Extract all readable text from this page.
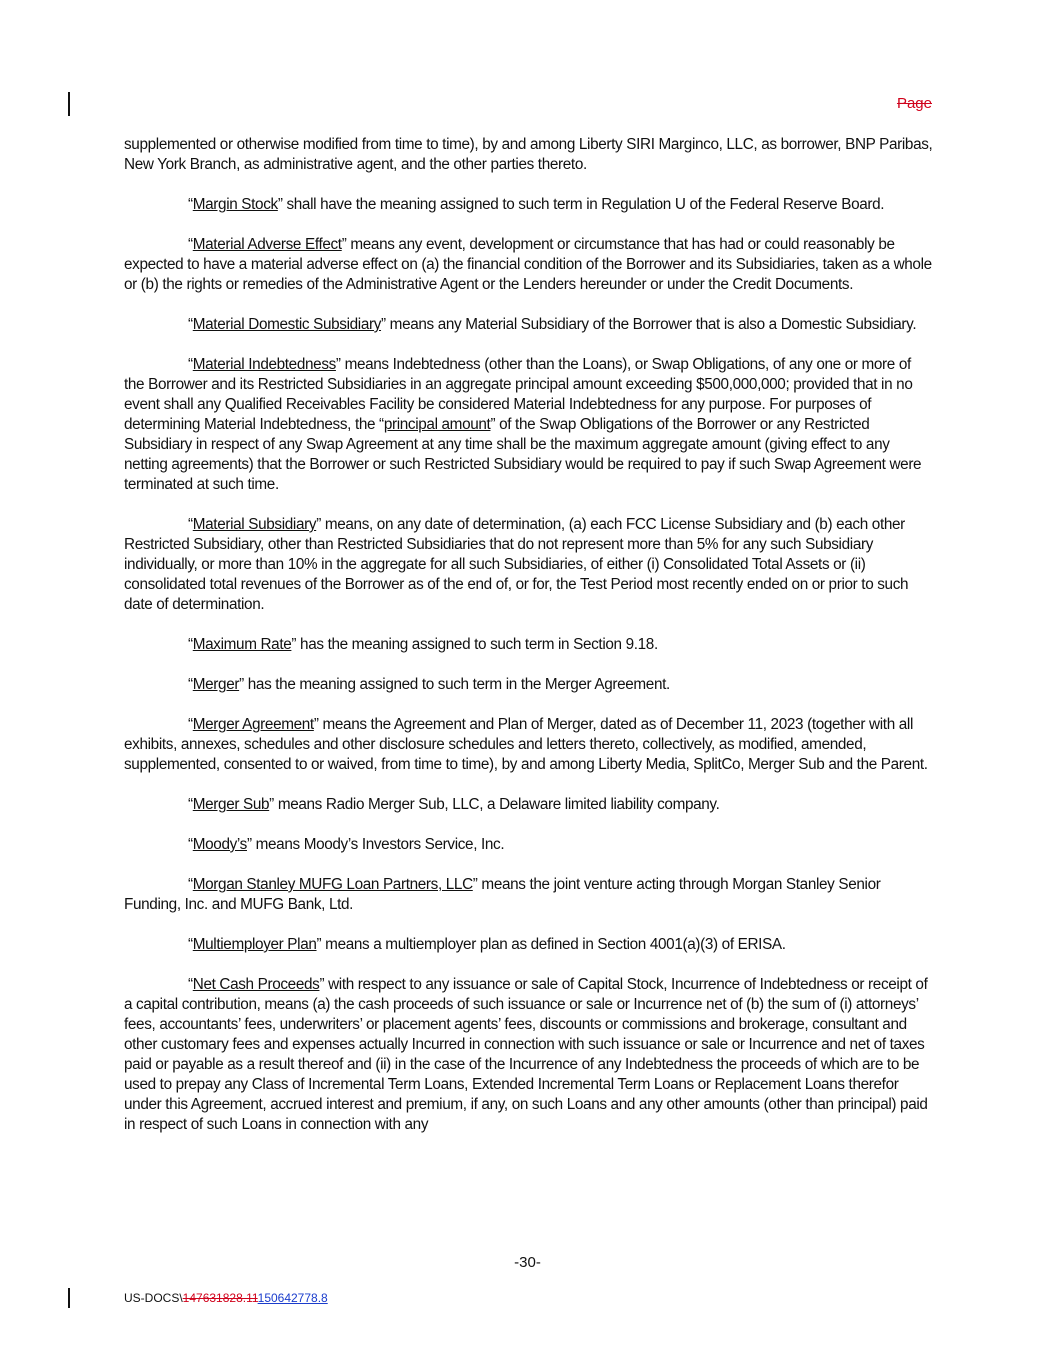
Page

supplemented or otherwise modified from time to time), by and among Liberty SIRI Marginco, LLC, as borrower, BNP Paribas, New York Branch, as administrative agent, and the other parties thereto.

“Margin Stock” shall have the meaning assigned to such term in Regulation U of the Federal Reserve Board.

“Material Adverse Effect” means any event, development or circumstance that has had or could reasonably be expected to have a material adverse effect on (a) the financial condition of the Borrower and its Subsidiaries, taken as a whole or (b) the rights or remedies of the Administrative Agent or the Lenders hereunder or under the Credit Documents.

“Material Domestic Subsidiary” means any Material Subsidiary of the Borrower that is also a Domestic Subsidiary.

“Material Indebtedness” means Indebtedness (other than the Loans), or Swap Obligations, of any one or more of the Borrower and its Restricted Subsidiaries in an aggregate principal amount exceeding $500,000,000; provided that in no event shall any Qualified Receivables Facility be considered Material Indebtedness for any purpose. For purposes of determining Material Indebtedness, the “principal amount” of the Swap Obligations of the Borrower or any Restricted Subsidiary in respect of any Swap Agreement at any time shall be the maximum aggregate amount (giving effect to any netting agreements) that the Borrower or such Restricted Subsidiary would be required to pay if such Swap Agreement were terminated at such time.

“Material Subsidiary” means, on any date of determination, (a) each FCC License Subsidiary and (b) each other Restricted Subsidiary, other than Restricted Subsidiaries that do not represent more than 5% for any such Subsidiary individually, or more than 10% in the aggregate for all such Subsidiaries, of either (i) Consolidated Total Assets or (ii) consolidated total revenues of the Borrower as of the end of, or for, the Test Period most recently ended on or prior to such date of determination.

“Maximum Rate” has the meaning assigned to such term in Section 9.18.

“Merger” has the meaning assigned to such term in the Merger Agreement.

“Merger Agreement” means the Agreement and Plan of Merger, dated as of December 11, 2023 (together with all exhibits, annexes, schedules and other disclosure schedules and letters thereto, collectively, as modified, amended, supplemented, consented to or waived, from time to time), by and among Liberty Media, SplitCo, Merger Sub and the Parent.

“Merger Sub” means Radio Merger Sub, LLC, a Delaware limited liability company.

“Moody’s” means Moody’s Investors Service, Inc.

“Morgan Stanley MUFG Loan Partners, LLC” means the joint venture acting through Morgan Stanley Senior Funding, Inc. and MUFG Bank, Ltd.

“Multiemployer Plan” means a multiemployer plan as defined in Section 4001(a)(3) of ERISA.

“Net Cash Proceeds” with respect to any issuance or sale of Capital Stock, Incurrence of Indebtedness or receipt of a capital contribution, means (a) the cash proceeds of such issuance or sale or Incurrence net of (b) the sum of (i) attorneys’ fees, accountants’ fees, underwriters’ or placement agents’ fees, discounts or commissions and brokerage, consultant and other customary fees and expenses actually Incurred in connection with such issuance or sale or Incurrence and net of taxes paid or payable as a result thereof and (ii) in the case of the Incurrence of any Indebtedness the proceeds of which are to be used to prepay any Class of Incremental Term Loans, Extended Incremental Term Loans or Replacement Loans therefor under this Agreement, accrued interest and premium, if any, on such Loans and any other amounts (other than principal) paid in respect of such Loans in connection with any

-30-
US-DOCS\147631828.11150642778.8
